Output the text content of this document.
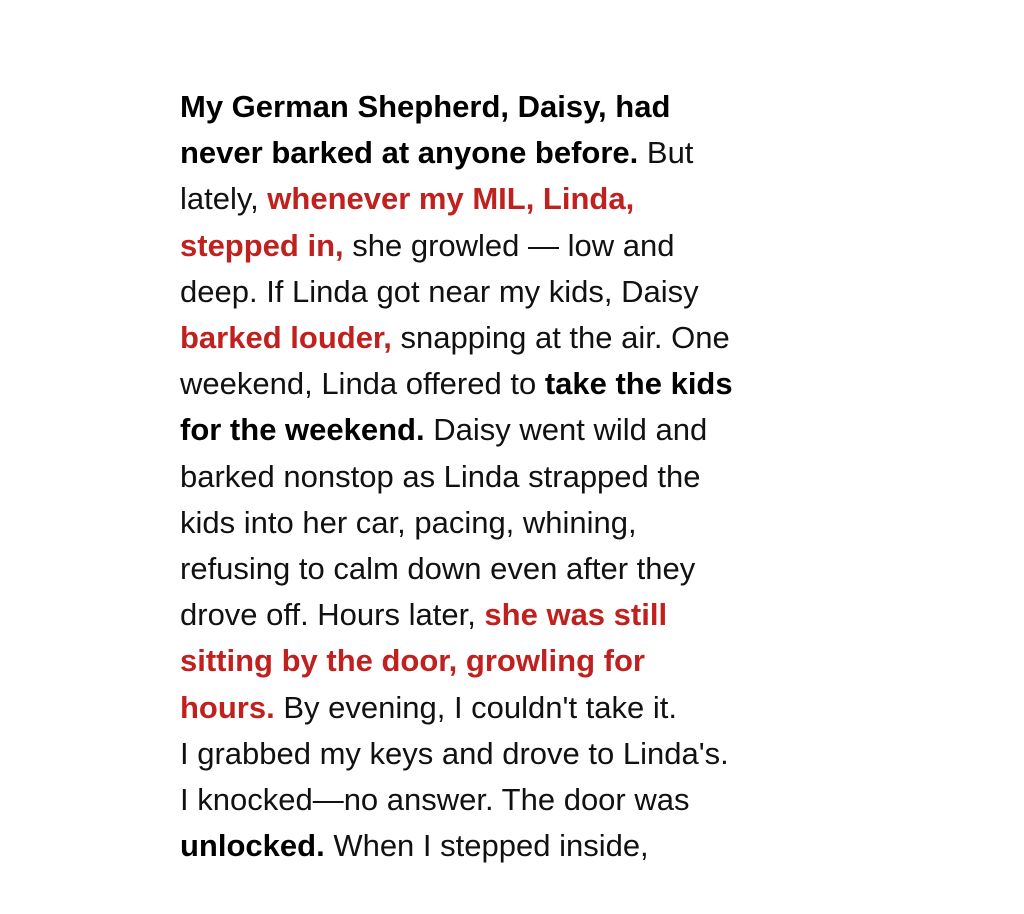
My German Shepherd, Daisy, had
never barked at anyone before. But
lately, whenever my MIL, Linda,
stepped in, she growled — low and
deep. If Linda got near my kids, Daisy
barked louder, snapping at the air. One
weekend, Linda offered to take the kids
for the weekend. Daisy went wild and
barked nonstop as Linda strapped the
kids into her car, pacing, whining,
refusing to calm down even after they
drove off. Hours later, she was still
sitting by the door, growling for
hours. By evening, I couldn't take it.
I grabbed my keys and drove to Linda's.
I knocked—no answer. The door was
unlocked. When I stepped inside,
